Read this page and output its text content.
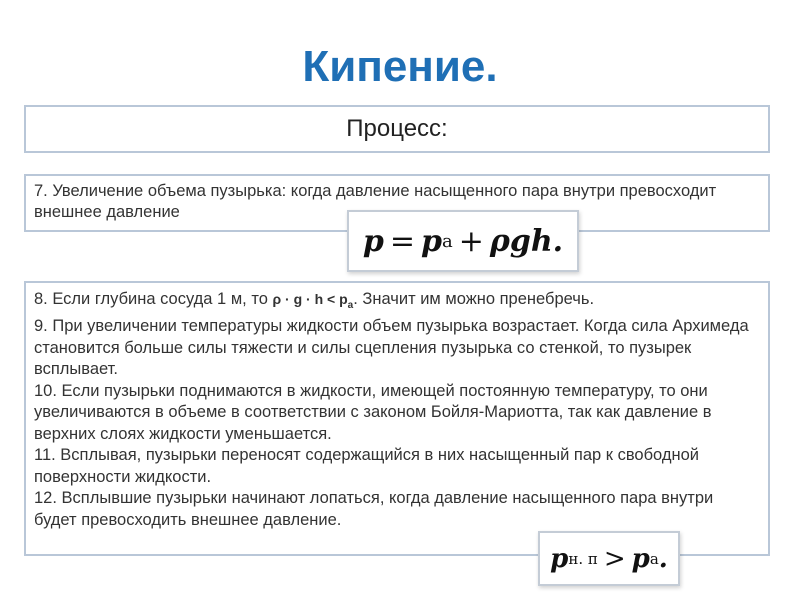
Кипение.
Процесс:
7. Увеличение объема пузырька: когда давление насыщенного пара внутри превосходит внешнее давление
p = p а + ρgh.

8. Если глубина сосуда 1 м, то $\rho \cdot g \cdot h < p_а$. Значит им можно пренебречь.

9. При увеличении температуры жидкости объем пузырька возрастает. Когда сила Архимеда становится больше силы тяжести и силы сцепления пузырька со стенкой, то пузырек всплывает.

10. Если пузырьки поднимаются в жидкости, имеющей постоянную температуру, то они увеличиваются в объеме в соответствии с законом Бойля-Мариотта, так как давление в верхних слоях жидкости уменьшается.

11. Всплывая, пузырьки переносят содержащийся в них насыщенный пар к свободной поверхности жидкости.

12. Всплывшие пузырьки начинают лопаться, когда давление насыщенного пара внутри будет превосходить внешнее давление.

p н. п > p а .
